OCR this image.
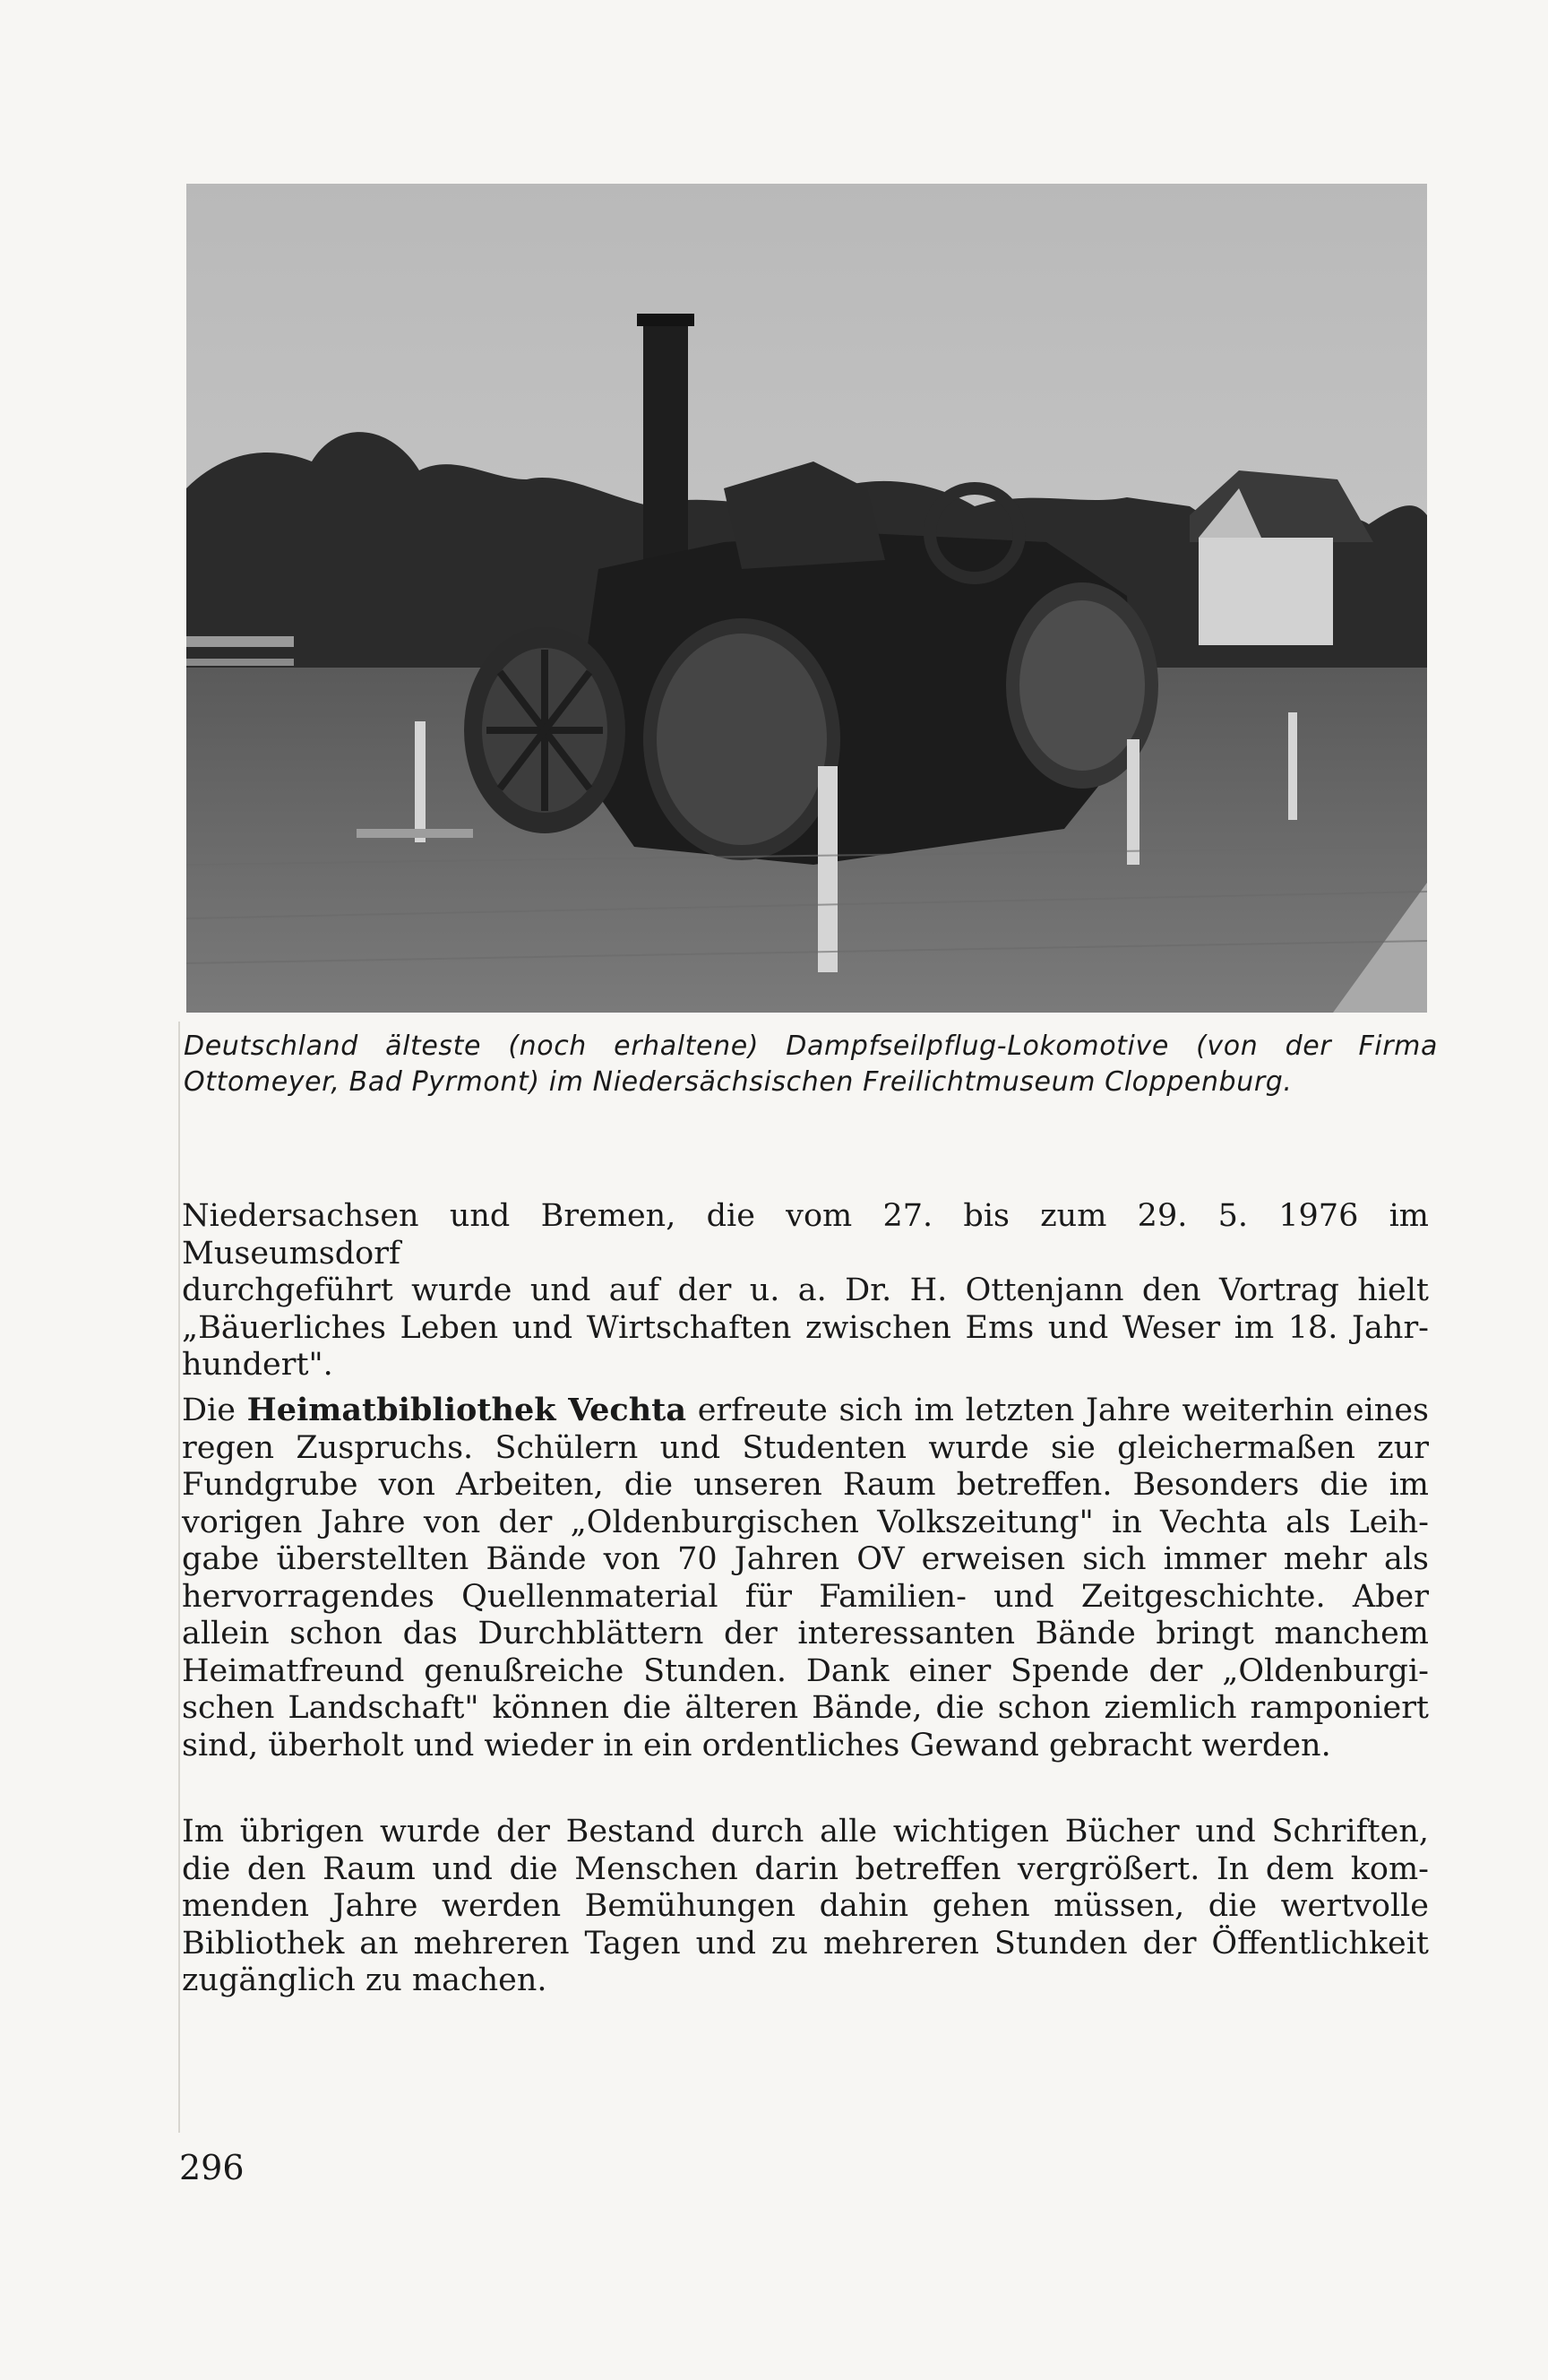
Deutschland älteste (noch erhaltene) Dampfseilpflug-Lokomotive (von der Firma

Ottomeyer, Bad Pyrmont) im Niedersächsischen Freilichtmuseum Cloppenburg.
Niedersachsen und Bremen, die vom 27. bis zum 29. 5. 1976 im Museumsdorf
durchgeführt wurde und auf der u. a. Dr. H. Ottenjann den Vortrag hielt
„Bäuerliches Leben und Wirtschaften zwischen Ems und Weser im 18. Jahr-
hundert".
Die Heimatbibliothek Vechta erfreute sich im letzten Jahre weiterhin eines
regen Zuspruchs. Schülern und Studenten wurde sie gleichermaßen zur
Fundgrube von Arbeiten, die unseren Raum betreffen. Besonders die im
vorigen Jahre von der „Oldenburgischen Volkszeitung" in Vechta als Leih-
gabe überstellten Bände von 70 Jahren OV erweisen sich immer mehr als
hervorragendes Quellenmaterial für Familien- und Zeitgeschichte. Aber
allein schon das Durchblättern der interessanten Bände bringt manchem
Heimatfreund genußreiche Stunden. Dank einer Spende der „Oldenburgi-
schen Landschaft" können die älteren Bände, die schon ziemlich ramponiert
sind, überholt und wieder in ein ordentliches Gewand gebracht werden.
Im übrigen wurde der Bestand durch alle wichtigen Bücher und Schriften,
die den Raum und die Menschen darin betreffen vergrößert. In dem kom-
menden Jahre werden Bemühungen dahin gehen müssen, die wertvolle
Bibliothek an mehreren Tagen und zu mehreren Stunden der Öffentlichkeit
zugänglich zu machen.
296
